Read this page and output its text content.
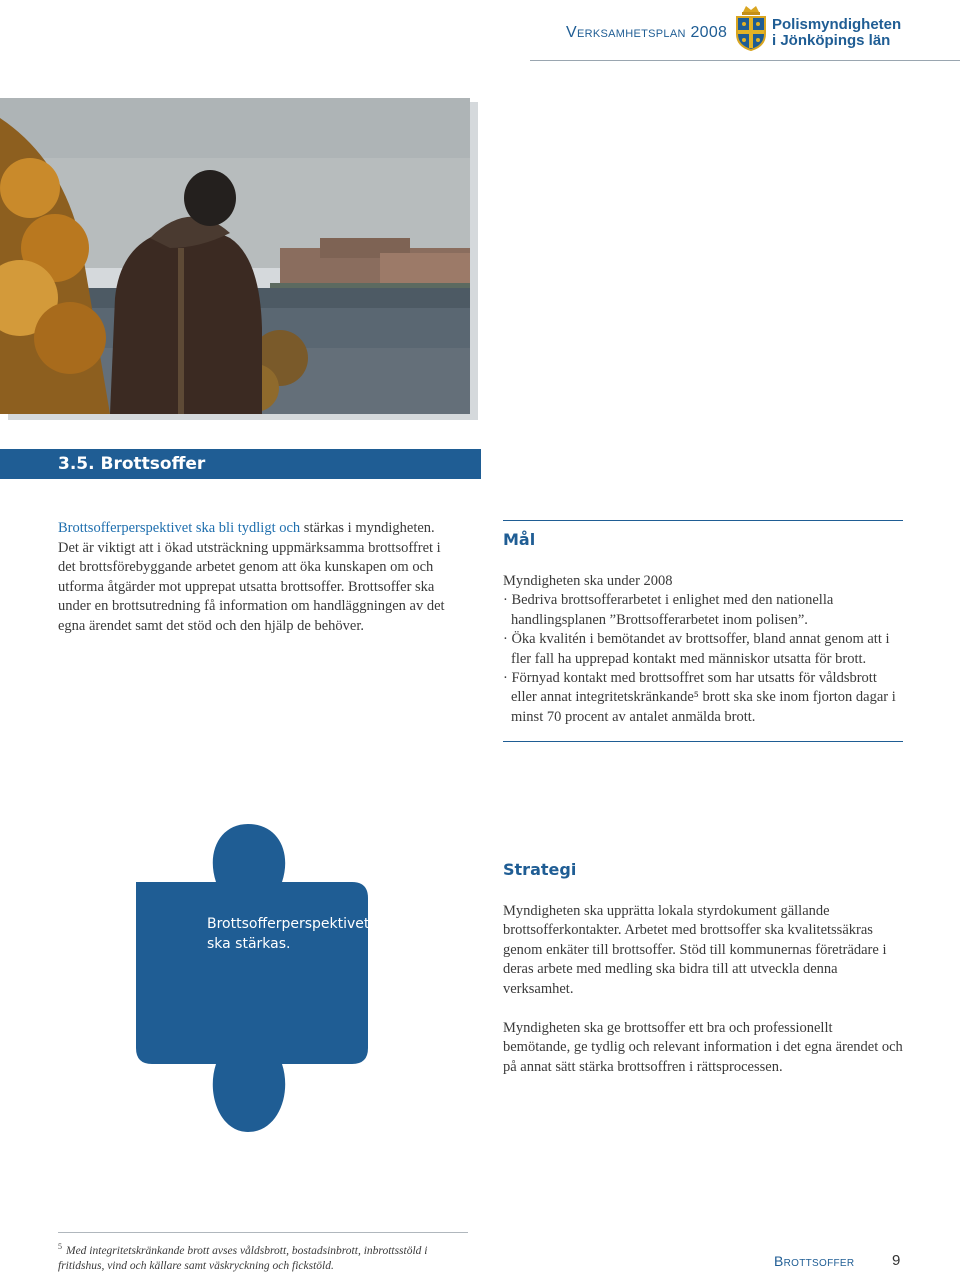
Verksamhetsplan 2008	Polismyndigheten
i Jönköpings län
3.5. Brottsoffer
Brottsofferperspektivet ska bli tydligt och stärkas i myndigheten. Det är viktigt att i ökad utsträckning uppmärksamma brottsoffret i det brottsförebyggande arbetet genom att öka kunskapen om och utforma åtgärder mot upprepat utsatta brottsoffer. Brottsoffer ska under en brottsutredning få information om handläggningen av det egna ärendet samt det stöd och den hjälp de behöver.
Mål

Myndigheten ska under 2008

· Bedriva brottsofferarbetet i enlighet med den nationella handlingsplanen ”Brottsofferarbetet inom polisen”.

· Öka kvalitén i bemötandet av brottsoffer, bland annat genom att i fler fall ha upprepad kontakt med människor utsatta för brott.

· Förnyad kontakt med brottsoffret som har utsatts för våldsbrott eller annat integritetskränkande⁵ brott ska ske inom fjorton dagar i minst 70 procent av antalet anmälda brott.

Brottsofferperspektivet ska stärkas.
Strategi

Myndigheten ska upprätta lokala styrdokument gällande brottsofferkontakter. Arbetet med brottsoffer ska kvalitetssäkras genom enkäter till brottsoffer. Stöd till kommunernas företrädare i deras arbete med medling ska bidra till att utveckla denna verksamhet.

Myndigheten ska ge brottsoffer ett bra och professionellt bemötande, ge tydlig och relevant information i det egna ärendet och på annat sätt stärka brottsoffren i rättsprocessen.

$^5$ Med integritetskränkande brott avses våldsbrott, bostadsinbrott, inbrottsstöld i fritidshus, vind och källare samt väskryckning och fickstöld.	Brottsoffer	9
